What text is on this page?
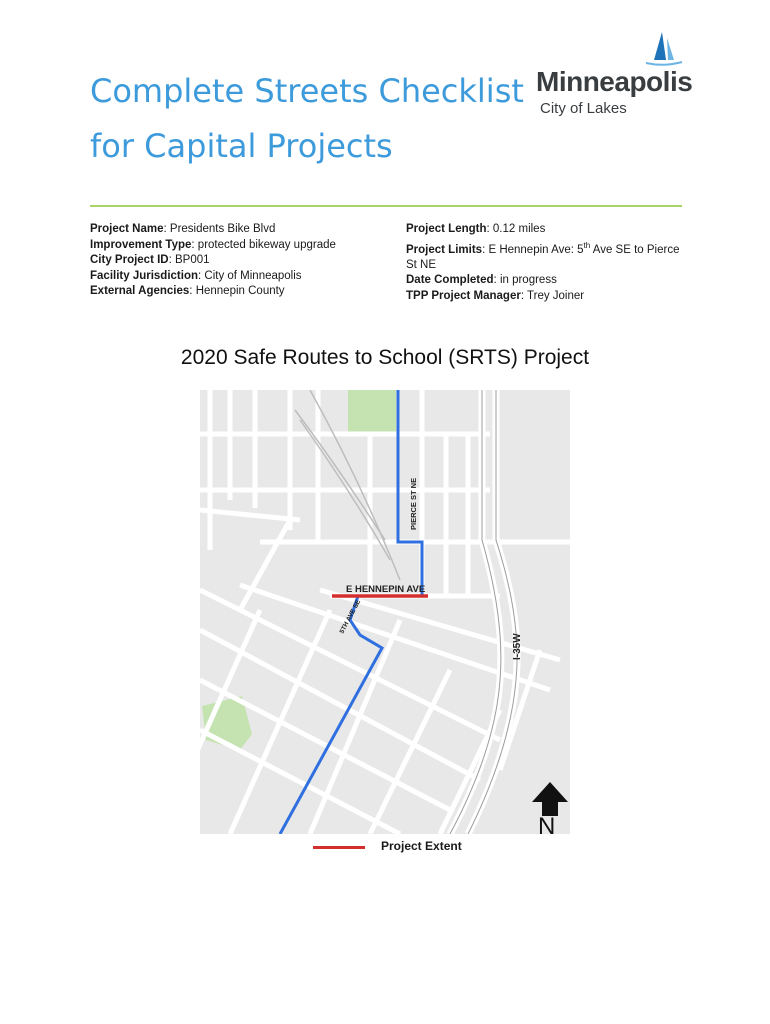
Complete Streets Checklist
for Capital Projects
Minneapolis
City of Lakes
Project Name: Presidents Bike Blvd
Improvement Type: protected bikeway upgrade
City Project ID: BP001
Facility Jurisdiction: City of Minneapolis
External Agencies: Hennepin County
Project Length: 0.12 miles
Project Limits: E Hennepin Ave: 5th Ave SE to Pierce St NE
Date Completed: in progress
TPP Project Manager: Trey Joiner
2020 Safe Routes to School (SRTS) Project
E HENNEPIN AVE
PIERCE ST NE
5TH AVE SE
I-35W
N
Project Extent
